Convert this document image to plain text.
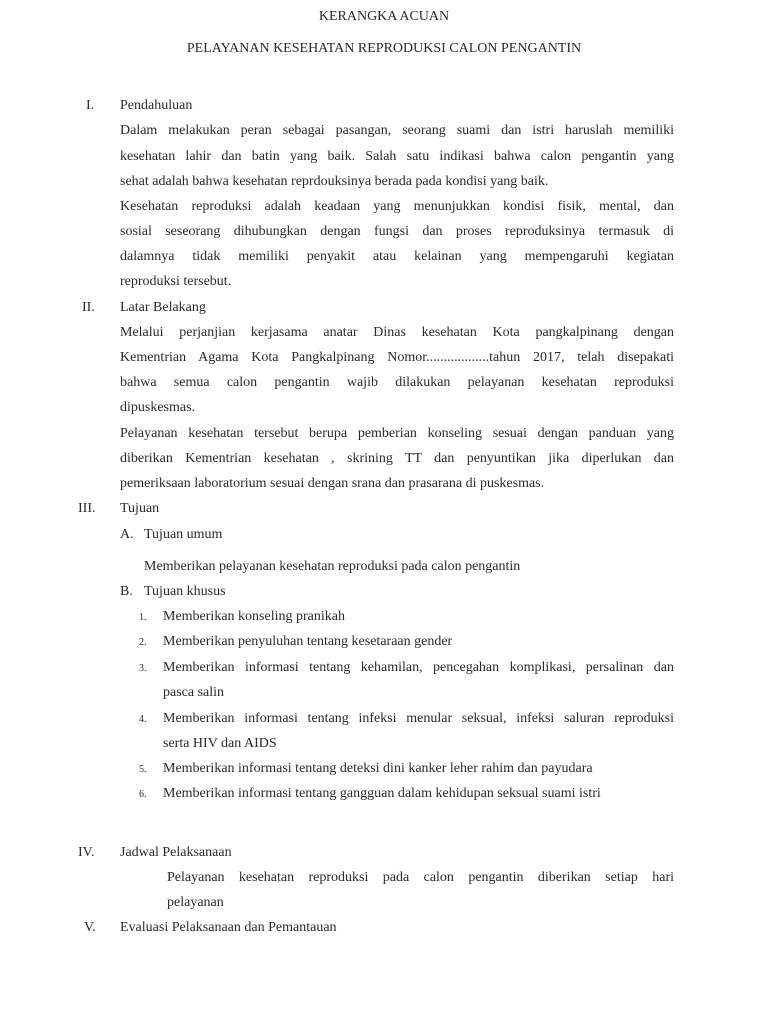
KERANGKA ACUAN
PELAYANAN KESEHATAN REPRODUKSI CALON PENGANTIN
I. Pendahuluan
Dalam melakukan peran sebagai pasangan, seorang suami dan istri haruslah memiliki
kesehatan lahir dan batin yang baik. Salah satu indikasi bahwa calon pengantin yang
sehat adalah bahwa kesehatan reprdouksinya berada pada kondisi yang baik.
Kesehatan reproduksi adalah keadaan yang menunjukkan kondisi fisik, mental, dan
sosial seseorang dihubungkan dengan fungsi dan proses reproduksinya termasuk di
dalamnya tidak memiliki penyakit atau kelainan yang mempengaruhi kegiatan
reproduksi tersebut.
II. Latar Belakang
Melalui perjanjian kerjasama anatar Dinas kesehatan Kota pangkalpinang dengan
Kementrian Agama Kota Pangkalpinang Nomor..................tahun 2017, telah disepakati
bahwa semua calon pengantin wajib dilakukan pelayanan kesehatan reproduksi
dipuskesmas.
Pelayanan kesehatan tersebut berupa pemberian konseling sesuai dengan panduan yang
diberikan Kementrian kesehatan , skrining TT dan penyuntikan jika diperlukan dan
pemeriksaan laboratorium sesuai dengan srana dan prasarana di puskesmas.
III. Tujuan
A. Tujuan umum
Memberikan pelayanan kesehatan reproduksi pada calon pengantin
B. Tujuan khusus
1. Memberikan konseling pranikah
2. Memberikan penyuluhan tentang kesetaraan gender
3. Memberikan informasi tentang kehamilan, pencegahan komplikasi, persalinan dan
pasca salin
4. Memberikan informasi tentang infeksi menular seksual, infeksi saluran reproduksi
serta HIV dan AIDS
5. Memberikan informasi tentang deteksi dini kanker leher rahim dan payudara
6. Memberikan informasi tentang gangguan dalam kehidupan seksual suami istri
IV. Jadwal Pelaksanaan
Pelayanan kesehatan reproduksi pada calon pengantin diberikan setiap hari
pelayanan
V. Evaluasi Pelaksanaan dan Pemantauan
